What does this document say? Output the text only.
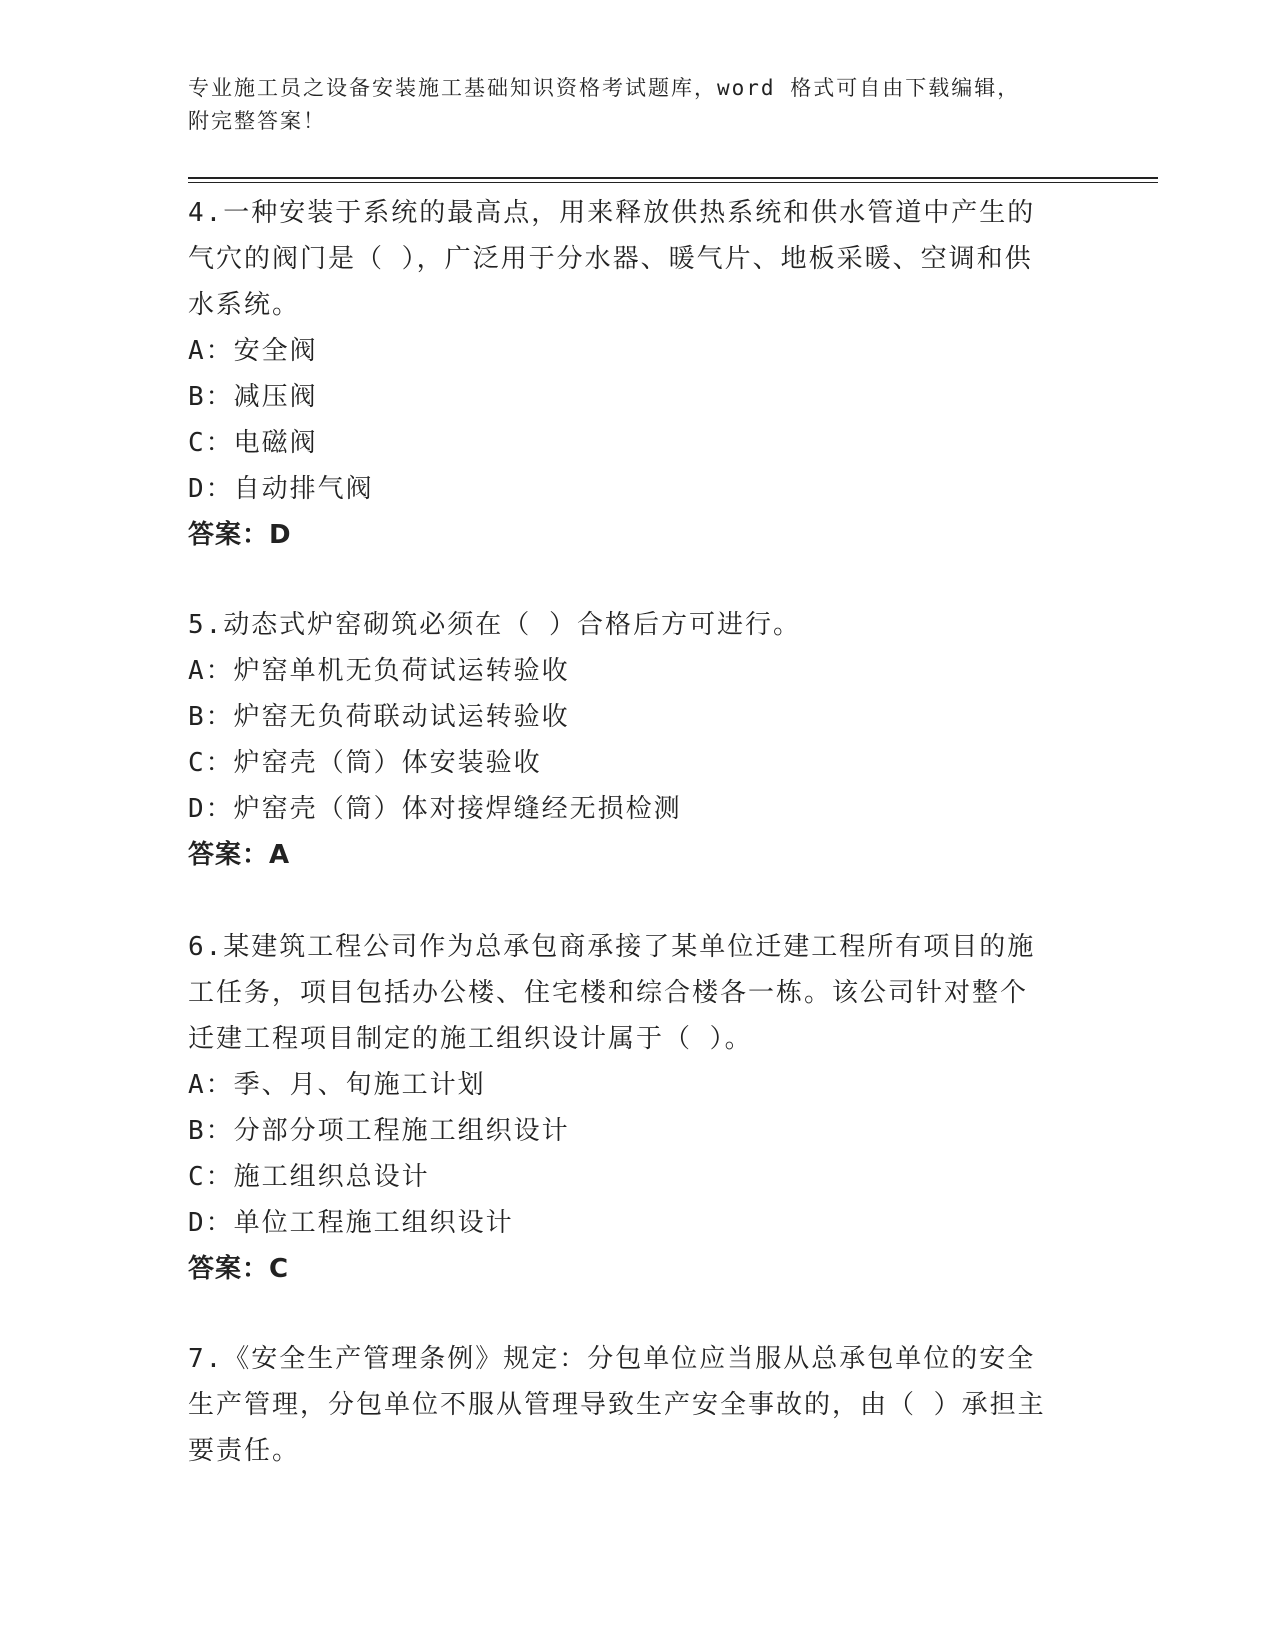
专业施工员之设备安装施工基础知识资格考试题库，word 格式可自由下载编辑，

附完整答案！

4.一种安装于系统的最高点，用来释放供热系统和供水管道中产生的

气穴的阀门是（ ），广泛用于分水器、暖气片、地板采暖、空调和供

水系统。

A：安全阀

B：减压阀

C：电磁阀

D：自动排气阀

答案：D

5.动态式炉窑砌筑必须在（ ）合格后方可进行。

A：炉窑单机无负荷试运转验收

B：炉窑无负荷联动试运转验收

C：炉窑壳（筒）体安装验收

D：炉窑壳（筒）体对接焊缝经无损检测

答案：A

6.某建筑工程公司作为总承包商承接了某单位迁建工程所有项目的施

工任务，项目包括办公楼、住宅楼和综合楼各一栋。该公司针对整个

迁建工程项目制定的施工组织设计属于（ ）。

A：季、月、旬施工计划

B：分部分项工程施工组织设计

C：施工组织总设计

D：单位工程施工组织设计

答案：C

7.《安全生产管理条例》规定：分包单位应当服从总承包单位的安全

生产管理，分包单位不服从管理导致生产安全事故的，由（ ）承担主

要责任。
